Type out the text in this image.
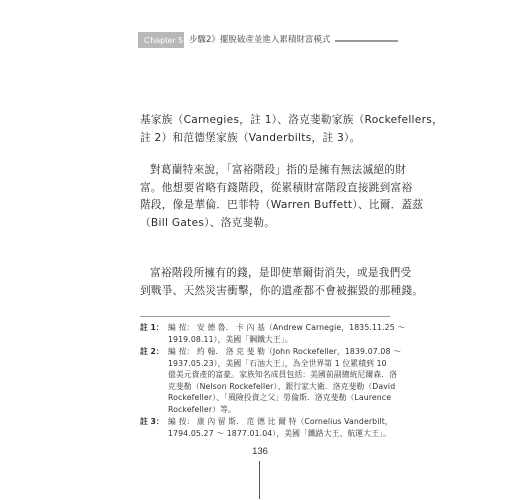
Chapter 5 步驟2》擺脫破產並進入累積財富模式
基家族（Carnegies，註 1）、洛克斐勒家族（Rockefellers，
註 2）和范德堡家族（Vanderbilts，註 3）。
對葛蘭特來說，「富裕階段」指的是擁有無法滅絕的財
富。他想要省略有錢階段，從累積財富階段直接跳到富裕
階段，像是華倫．巴菲特（Warren Buffett）、比爾．蓋茲
（Bill Gates）、洛克斐勒。
富裕階段所擁有的錢，是即使華爾街消失，或是我們受
到戰爭、天然災害衝擊，你的遺產都不會被摧毀的那種錢。
註 1： 編 按： 安 德 魯． 卡 內 基（Andrew Carnegie，1835.11.25 ～
1919.08.11），美國「鋼鐵大王」。
註 2： 編 按： 約 翰． 洛 克 斐 勒（John Rockefeller，1839.07.08 ～
1937.05.23），美國「石油大王」，為全世界第 1 位累積到 10
億美元資產的富豪。家族知名成員包括：美國前副總統尼爾森．洛
克斐勒（Nelson Rockefeller）、銀行家大衛．洛克斐勒（David
Rockefeller）、「風險投資之父」勞倫斯．洛克斐勒（Laurence
Rockefeller）等。
註 3： 編 按： 康 內 留 斯． 范 德 比 爾 特（Cornelius Vanderbilt，
1794.05.27 ～ 1877.01.04），美國「鐵路大王、航運大王」。
136
